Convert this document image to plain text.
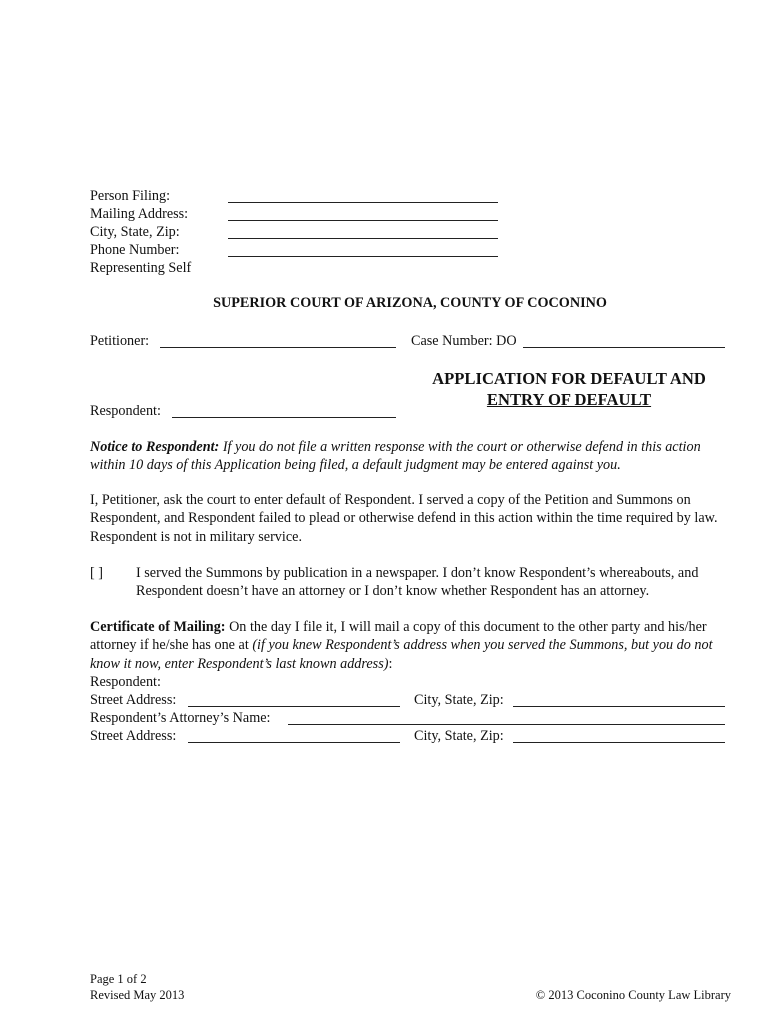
Person Filing:
Mailing Address:
City, State, Zip:
Phone Number:
Representing Self
SUPERIOR COURT OF ARIZONA, COUNTY OF COCONINO
Petitioner:	Case Number: DO
APPLICATION FOR DEFAULT AND
ENTRY OF DEFAULT
Respondent:
Notice to Respondent: If you do not file a written response with the court or otherwise defend in this action within 10 days of this Application being filed, a default judgment may be entered against you.
I, Petitioner, ask the court to enter default of Respondent. I served a copy of the Petition and Summons on Respondent, and Respondent failed to plead or otherwise defend in this action within the time required by law. Respondent is not in military service.
[ ] I served the Summons by publication in a newspaper. I don’t know Respondent’s whereabouts, and Respondent doesn’t have an attorney or I don’t know whether Respondent has an attorney.
Certificate of Mailing: On the day I file it, I will mail a copy of this document to the other party and his/her attorney if he/she has one at (if you knew Respondent’s address when you served the Summons, but you do not know it now, enter Respondent’s last known address):
Respondent:
Street Address:	City, State, Zip:
Respondent’s Attorney’s Name:
Street Address:	City, State, Zip:
Page 1 of 2
Revised May 2013	© 2013 Coconino County Law Library
